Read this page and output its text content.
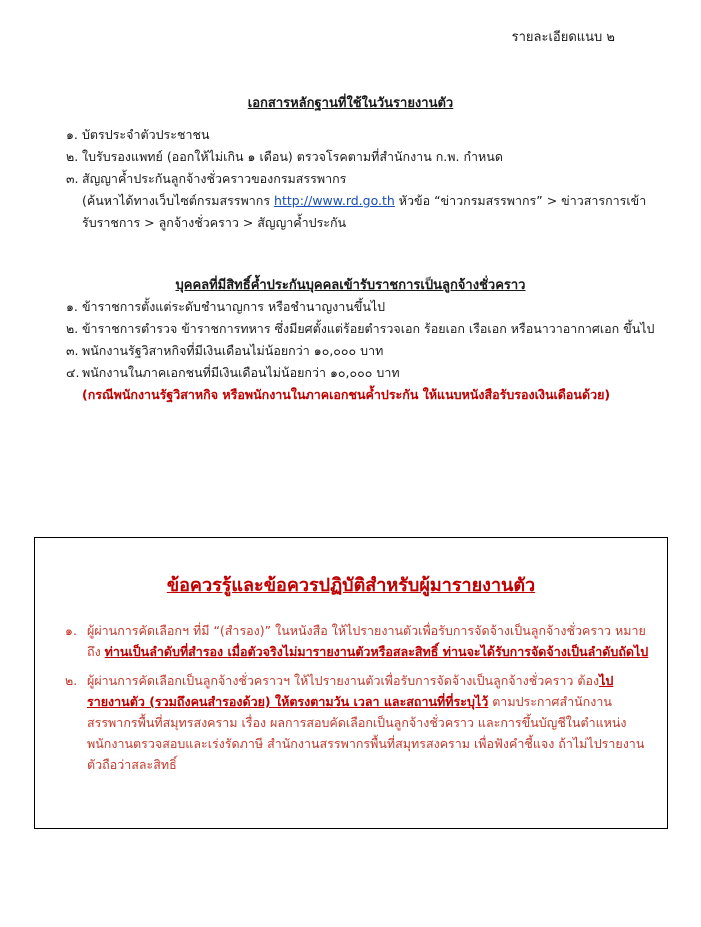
รายละเอียดแนบ ๒
เอกสารหลักฐานที่ใช้ในวันรายงานตัว
๑. บัตรประจำตัวประชาชน
๒. ใบรับรองแพทย์ (ออกให้ไม่เกิน ๑ เดือน) ตรวจโรคตามที่สำนักงาน ก.พ. กำหนด
๓. สัญญาค้ำประกันลูกจ้างชั่วคราวของกรมสรรพากร
(ค้นหาได้ทางเว็บไซต์กรมสรรพากร http://www.rd.go.th หัวข้อ “ข่าวกรมสรรพากร” > ข่าวสารการเข้า
รับราชการ > ลูกจ้างชั่วคราว > สัญญาค้ำประกัน
บุคคลที่มีสิทธิ์ค้ำประกันบุคคลเข้ารับราชการเป็นลูกจ้างชั่วคราว
๑. ข้าราชการตั้งแต่ระดับชำนาญการ หรือชำนาญงานขึ้นไป
๒. ข้าราชการตำรวจ ข้าราชการทหาร ซึ่งมียศตั้งแต่ร้อยตำรวจเอก ร้อยเอก เรือเอก หรือนาวาอากาศเอก ขึ้นไป
๓. พนักงานรัฐวิสาหกิจที่มีเงินเดือนไม่น้อยกว่า ๑๐,๐๐๐ บาท
๔. พนักงานในภาคเอกชนที่มีเงินเดือนไม่น้อยกว่า ๑๐,๐๐๐ บาท
(กรณีพนักงานรัฐวิสาหกิจ หรือพนักงานในภาคเอกชนค้ำประกัน ให้แนบหนังสือรับรองเงินเดือนด้วย)
ข้อควรรู้และข้อควรปฏิบัติสำหรับผู้มารายงานตัว
๑. ผู้ผ่านการคัดเลือกฯ ที่มี “(สำรอง)” ในหนังสือ ให้ไปรายงานตัวเพื่อรับการจัดจ้างเป็นลูกจ้างชั่วคราว หมายถึง ท่านเป็นลำดับที่สำรอง เมื่อตัวจริงไม่มารายงานตัวหรือสละสิทธิ์ ท่านจะได้รับการจัดจ้างเป็นลำดับถัดไป
๒. ผู้ผ่านการคัดเลือกเป็นลูกจ้างชั่วคราวฯ ให้ไปรายงานตัวเพื่อรับการจัดจ้างเป็นลูกจ้างชั่วคราว ต้องไปรายงานตัว (รวมถึงคนสำรองด้วย) ให้ตรงตามวัน เวลา และสถานที่ที่ระบุไว้ ตามประกาศสำนักงานสรรพากรพื้นที่สมุทรสงคราม เรื่อง ผลการสอบคัดเลือกเป็นลูกจ้างชั่วคราว และการขึ้นบัญชีในตำแหน่งพนักงานตรวจสอบและเร่งรัดภาษี สำนักงานสรรพากรพื้นที่สมุทรสงคราม เพื่อฟังคำชี้แจง ถ้าไม่ไปรายงานตัวถือว่าสละสิทธิ์
